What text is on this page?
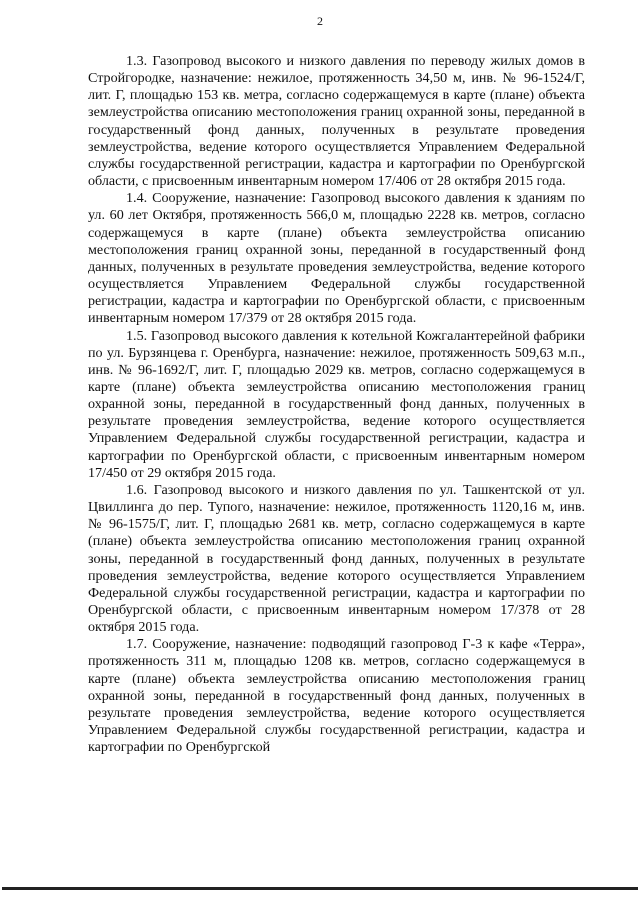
2

1.3. Газопровод высокого и низкого давления по переводу жилых домов в Стройгородке, назначение: нежилое, протяженность 34,50 м, инв. № 96-1524/Г, лит. Г, площадью 153 кв. метра, согласно содержащемуся в карте (плане) объекта землеустройства описанию местоположения границ охранной зоны, переданной в государственный фонд данных, полученных в результате проведения землеустройства, ведение которого осуществляется Управлением Федеральной службы государственной регистрации, кадастра и картографии по Оренбургской области, с присвоенным инвентарным номером 17/406 от 28 октября 2015 года.

1.4. Сооружение, назначение: Газопровод высокого давления к зданиям по ул. 60 лет Октября, протяженность 566,0 м, площадью 2228 кв. метров, согласно содержащемуся в карте (плане) объекта землеустройства описанию местоположения границ охранной зоны, переданной в государственный фонд данных, полученных в результате проведения землеустройства, ведение которого осуществляется Управлением Федеральной службы государственной регистрации, кадастра и картографии по Оренбургской области, с присвоенным инвентарным номером 17/379 от 28 октября 2015 года.

1.5. Газопровод высокого давления к котельной Кожгалантерейной фабрики по ул. Бурзянцева г. Оренбурга, назначение: нежилое, протяженность 509,63 м.п., инв. № 96-1692/Г, лит. Г, площадью 2029 кв. метров, согласно содержащемуся в карте (плане) объекта землеустройства описанию местоположения границ охранной зоны, переданной в государственный фонд данных, полученных в результате проведения землеустройства, ведение которого осуществляется Управлением Федеральной службы государственной регистрации, кадастра и картографии по Оренбургской области, с присвоенным инвентарным номером 17/450 от 29 октября 2015 года.

1.6. Газопровод высокого и низкого давления по ул. Ташкентской от ул. Цвиллинга до пер. Тупого, назначение: нежилое, протяженность 1120,16 м, инв. № 96-1575/Г, лит. Г, площадью 2681 кв. метр, согласно содержащемуся в карте (плане) объекта землеустройства описанию местоположения границ охранной зоны, переданной в государственный фонд данных, полученных в результате проведения землеустройства, ведение которого осуществляется Управлением Федеральной службы государственной регистрации, кадастра и картографии по Оренбургской области, с присвоенным инвентарным номером 17/378 от 28 октября 2015 года.

1.7. Сооружение, назначение: подводящий газопровод Г-3 к кафе «Терра», протяженность 311 м, площадью 1208 кв. метров, согласно содержащемуся в карте (плане) объекта землеустройства описанию местоположения границ охранной зоны, переданной в государственный фонд данных, полученных в результате проведения землеустройства, ведение которого осуществляется Управлением Федеральной службы государственной регистрации, кадастра и картографии по Оренбургской
